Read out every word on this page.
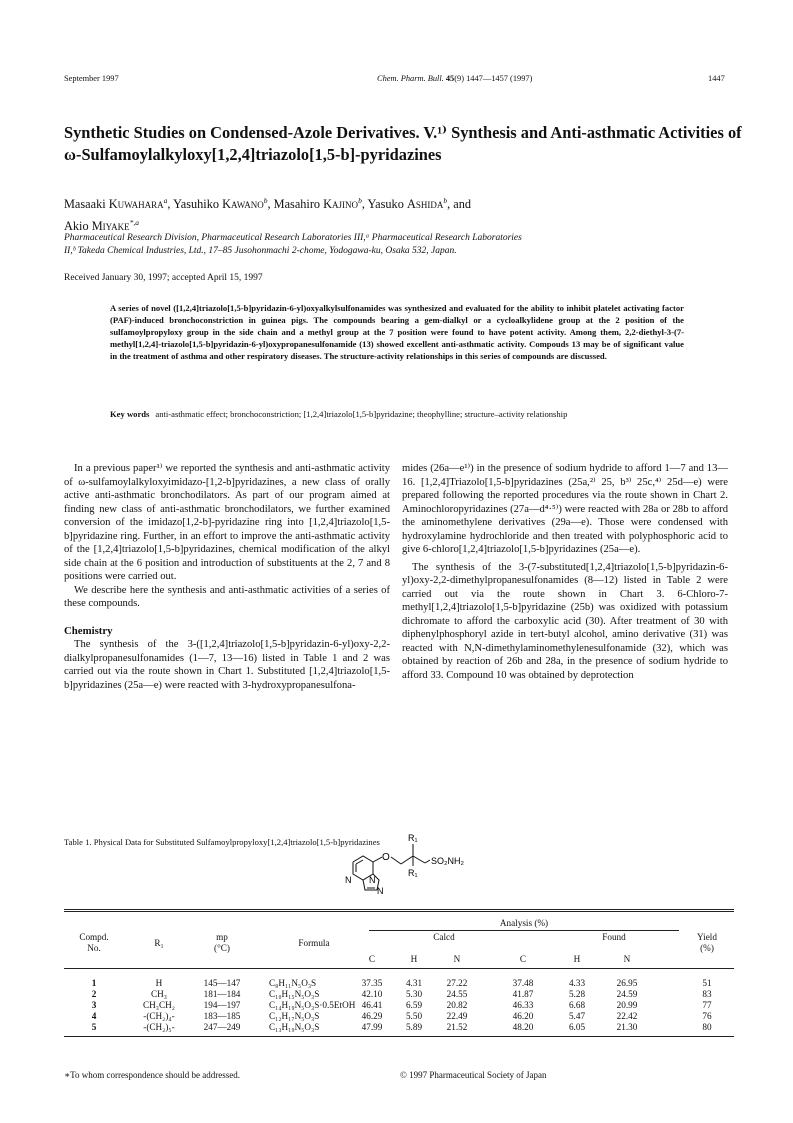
September 1997	Chem. Pharm. Bull. 45(9) 1447—1457 (1997)	1447
Synthetic Studies on Condensed-Azole Derivatives. V.¹⁾ Synthesis and Anti-asthmatic Activities of ω-Sulfamoylalkyloxy[1,2,4]triazolo[1,5-b]-pyridazines
Masaaki Kuwahara$^a$, Yasuhiko Kawano$^b$, Masahiro Kajino$^b$, Yasuko Ashida$^b$, and
Akio Miyake$^{*,a}$
Pharmaceutical Research Division, Pharmaceutical Research Laboratories III,ᵃ Pharmaceutical Research Laboratories
II,ᵇ Takeda Chemical Industries, Ltd., 17–85 Jusohonmachi 2-chome, Yodogawa-ku, Osaka 532, Japan.
Received January 30, 1997; accepted April 15, 1997
A series of novel ([1,2,4]triazolo[1,5-b]pyridazin-6-yl)oxyalkylsulfonamides was synthesized and evaluated for the ability to inhibit platelet activating factor (PAF)-induced bronchoconstriction in guinea pigs. The compounds bearing a gem-dialkyl or a cycloalkylidene group at the 2 position of the sulfamoylpropyloxy group in the side chain and a methyl group at the 7 position were found to have potent activity. Among them, 2,2-diethyl-3-(7-methyl[1,2,4]-triazolo[1,5-b]pyridazin-6-yl)oxypropanesulfonamide (13) showed excellent anti-asthmatic activity. Compouds 13 may be of significant value in the treatment of asthma and other respiratory diseases. The structure-activity relationships in this series of compounds are discussed.
Key words anti-asthmatic effect; bronchoconstriction; [1,2,4]triazolo[1,5-b]pyridazine; theophylline; structure–activity relationship

In a previous paper¹⁾ we reported the synthesis and anti-asthmatic activity of ω-sulfamoylalkyloxyimidazo-[1,2-b]pyridazines, a new class of orally active anti-asthmatic bronchodilators. As part of our program aimed at finding new class of anti-asthmatic bronchodilators, we further examined conversion of the imidazo[1,2-b]-pyridazine ring into [1,2,4]triazolo[1,5-b]pyridazine ring. Further, in an effort to improve the anti-asthmatic activity of the [1,2,4]triazolo[1,5-b]pyridazines, chemical modification of the alkyl side chain at the 6 position and introduction of substituents at the 2, 7 and 8 positions were carried out.

We describe here the synthesis and anti-asthmatic activities of a series of these compounds.

Chemistry

The synthesis of the 3-([1,2,4]triazolo[1,5-b]pyridazin-6-yl)oxy-2,2-dialkylpropanesulfonamides (1—7, 13—16) listed in Table 1 and 2 was carried out via the route shown in Chart 1. Substituted [1,2,4]triazolo[1,5-b]pyridazines (25a—e) were reacted with 3-hydroxypropanesulfona-

mides (26a—e¹⁾) in the presence of sodium hydride to afford 1—7 and 13—16. [1,2,4]Triazolo[1,5-b]pyridazines (25a,²⁾ 25, b³⁾ 25c,⁴⁾ 25d—e) were prepared following the reported procedures via the route shown in Chart 2. Aminochloropyridazines (27a—d⁴·⁵⁾) were reacted with 28a or 28b to afford the aminomethylene derivatives (29a—e). Those were condensed with hydroxylamine hydrochloride and then treated with polyphosphoric acid to give 6-chloro[1,2,4]triazolo[1,5-b]pyridazines (25a—e).

The synthesis of the 3-(7-substituted[1,2,4]triazolo[1,5-b]pyridazin-6-yl)oxy-2,2-dimethylpropanesulfonamides (8—12) listed in Table 2 were carried out via the route shown in Chart 3. 6-Chloro-7-methyl[1,2,4]triazolo[1,5-b]pyridazine (25b) was oxidized with potassium dichromate to afford the carboxylic acid (30). After treatment of 30 with diphenylphosphoryl azide in tert-butyl alcohol, amino derivative (31) was reacted with N,N-dimethylaminomethylenesulfonamide (32), which was obtained by reaction of 26b and 28a, in the presence of sodium hydride to afford 33. Compound 10 was obtained by deprotection

Table 1. Physical Data for Substituted Sulfamoylpropyloxy[1,2,4]triazolo[1,5-b]pyridazines
O
R₁
R₁
SO₂NH₂
N N
N
Compd.
No.	R₁
mp
(°C)	Formula
Analysis (%)
Calcd	Found	Yield
(%)
C	H	N	C	H	N
1	H	145—147	C₈H₁₁N₅O₃S	37.35	4.31	27.22	37.48	4.33	26.95	51
2	CH₃	181—184	C₁₀H₁₅N₅O₃S	42.10	5.30	24.55	41.87	5.28	24.59	83
3	CH₃CH₂	194—197	C₁₄H₁₉N₅O₃S·0.5EtOH 46.41	6.59	20.82	46.33	6.68	20.99	77
4	-(CH₂)₄-	183—185	C₁₂H₁₇N₅O₃S	46.29	5.50	22.49	46.20	5.47	22.42	76
5	-(CH₂)₅-	247—249	C₁₃H₁₉N₅O₃S	47.99	5.89	21.52	48.20	6.05	21.30	80
∗To whom correspondence should be addressed.	© 1997 Pharmaceutical Society of Japan
